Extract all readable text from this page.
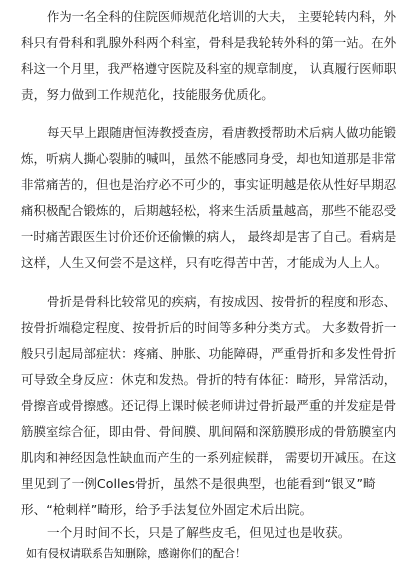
作为一名全科的住院医师规范化培训的大夫， 主要轮转内科，外
科只有骨科和乳腺外科两个科室，骨科是我轮转外科的第一站。在外
科这一个月里，我严格遵守医院及科室的规章制度， 认真履行医师职
责，努力做到工作规范化，技能服务优质化。
每天早上跟随唐恒涛教授查房，看唐教授帮助术后病人做功能锻
炼，听病人撕心裂肺的喊叫，虽然不能感同身受，却也知道那是非常
非常痛苦的，但也是治疗必不可少的，事实证明越是依从性好早期忍
痛积极配合锻炼的，后期越轻松，将来生活质量越高，那些不能忍受
一时痛苦跟医生讨价还价还偷懒的病人， 最终却是害了自己。看病是
这样，人生又何尝不是这样，只有吃得苦中苦，才能成为人上人。
骨折是骨科比较常见的疾病，有按成因、按骨折的程度和形态、
按骨折端稳定程度、按骨折后的时间等多种分类方式。 大多数骨折一
般只引起局部症状：疼痛、肿胀、功能障碍，严重骨折和多发性骨折
可导致全身反应：休克和发热。骨折的特有体征：畸形，异常活动，
骨擦音或骨擦感。还记得上课时候老师讲过骨折最严重的并发症是骨
筋膜室综合征，即由骨、骨间膜、肌间隔和深筋膜形成的骨筋膜室内
肌肉和神经因急性缺血而产生的一系列症候群， 需要切开减压。在这
里见到了一例Colles骨折，虽然不是很典型，也能看到“银叉”畸
形、“枪刺样”畸形，给予手法复位外固定术后出院。
一个月时间不长，只是了解些皮毛，但见过也是收获。
如有侵权请联系告知删除，感谢你们的配合！
